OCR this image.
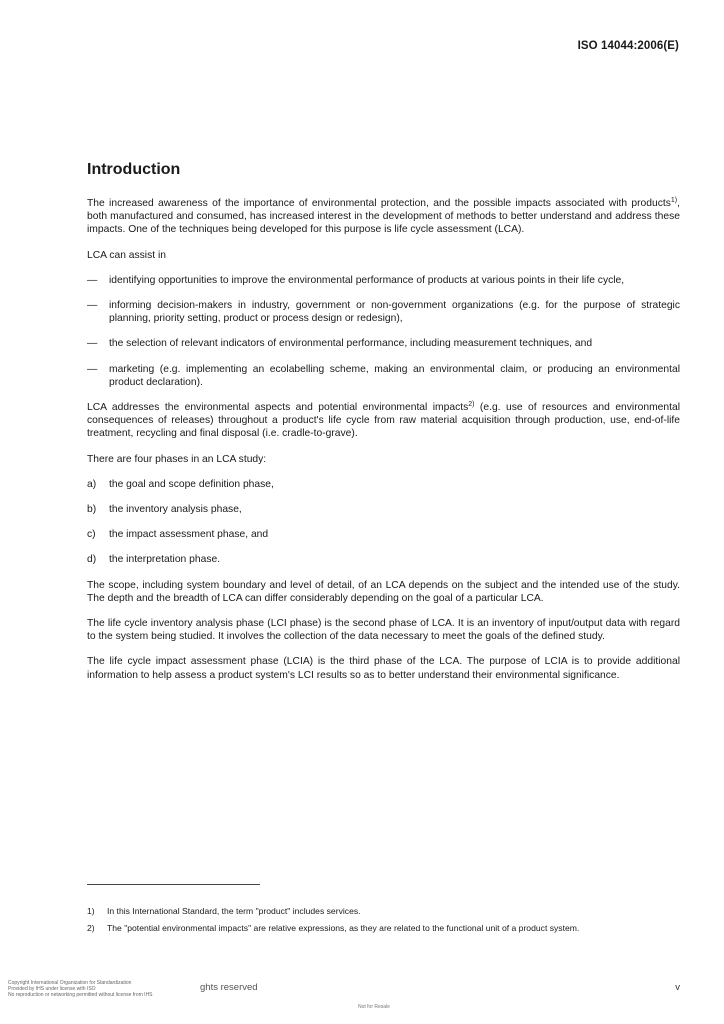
ISO 14044:2006(E)
Introduction

The increased awareness of the importance of environmental protection, and the possible impacts associated with products$^{1)}$, both manufactured and consumed, has increased interest in the development of methods to better understand and address these impacts. One of the techniques being developed for this purpose is life cycle assessment (LCA).

LCA can assist in

— identifying opportunities to improve the environmental performance of products at various points in their life cycle,
— informing decision-makers in industry, government or non-government organizations (e.g. for the purpose of strategic planning, priority setting, product or process design or redesign),
— the selection of relevant indicators of environmental performance, including measurement techniques, and
— marketing (e.g. implementing an ecolabelling scheme, making an environmental claim, or producing an environmental product declaration).

LCA addresses the environmental aspects and potential environmental impacts$^{2)}$ (e.g. use of resources and environmental consequences of releases) throughout a product's life cycle from raw material acquisition through production, use, end-of-life treatment, recycling and final disposal (i.e. cradle-to-grave).

There are four phases in an LCA study:

a) the goal and scope definition phase,
b) the inventory analysis phase,
c) the impact assessment phase, and
d) the interpretation phase.

The scope, including system boundary and level of detail, of an LCA depends on the subject and the intended use of the study. The depth and the breadth of LCA can differ considerably depending on the goal of a particular LCA.

The life cycle inventory analysis phase (LCI phase) is the second phase of LCA. It is an inventory of input/output data with regard to the system being studied. It involves the collection of the data necessary to meet the goals of the defined study.

The life cycle impact assessment phase (LCIA) is the third phase of the LCA. The purpose of LCIA is to provide additional information to help assess a product system's LCI results so as to better understand their environmental significance.

1) In this International Standard, the term "product" includes services.
2) The "potential environmental impacts" are relative expressions, as they are related to the functional unit of a product system.
Copyright International Organization for Standardization
Provided by IHS under license with ISO
No reproduction or networking permitted without license from IHS
ghts reserved	v
Not for Resale
